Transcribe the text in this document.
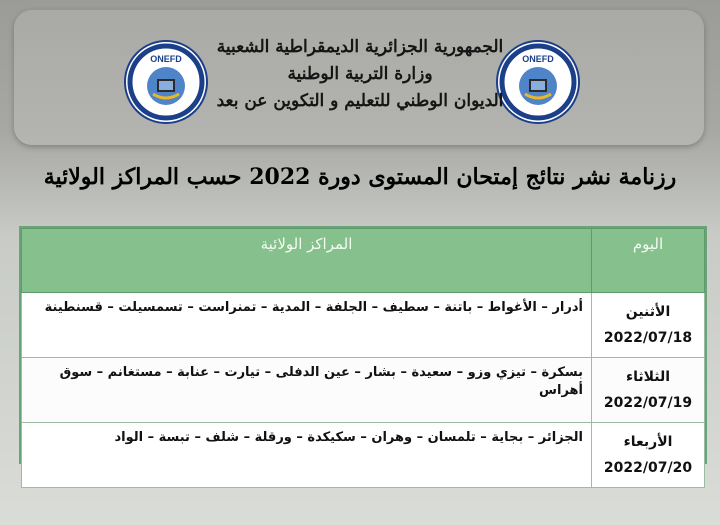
ONEFD	ONEFD
الجمهورية الجزائرية الديمقراطية الشعبية
وزارة التربية الوطنية
الديوان الوطني للتعليم و التكوين عن بعد
رزنامة نشر نتائج إمتحان المستوى دورة 2022 حسب المراكز الولائية
اليوم	المراكز الولائية

الأثنين
2022/07/18	أدرار – الأغواط – باتنة – سطيف – الجلفة – المدية – تمنراست – تسمسيلت – قسنطينة

الثلاثاء
2022/07/19	بسكرة – تيزي وزو – سعيدة – بشار – عين الدفلى – تيارت – عنابة – مستغانم – سوق أهراس

الأربعاء
2022/07/20	الجزائر – بجاية – تلمسان – وهران – سكيكدة – ورقلة – شلف – تبسة – الواد
